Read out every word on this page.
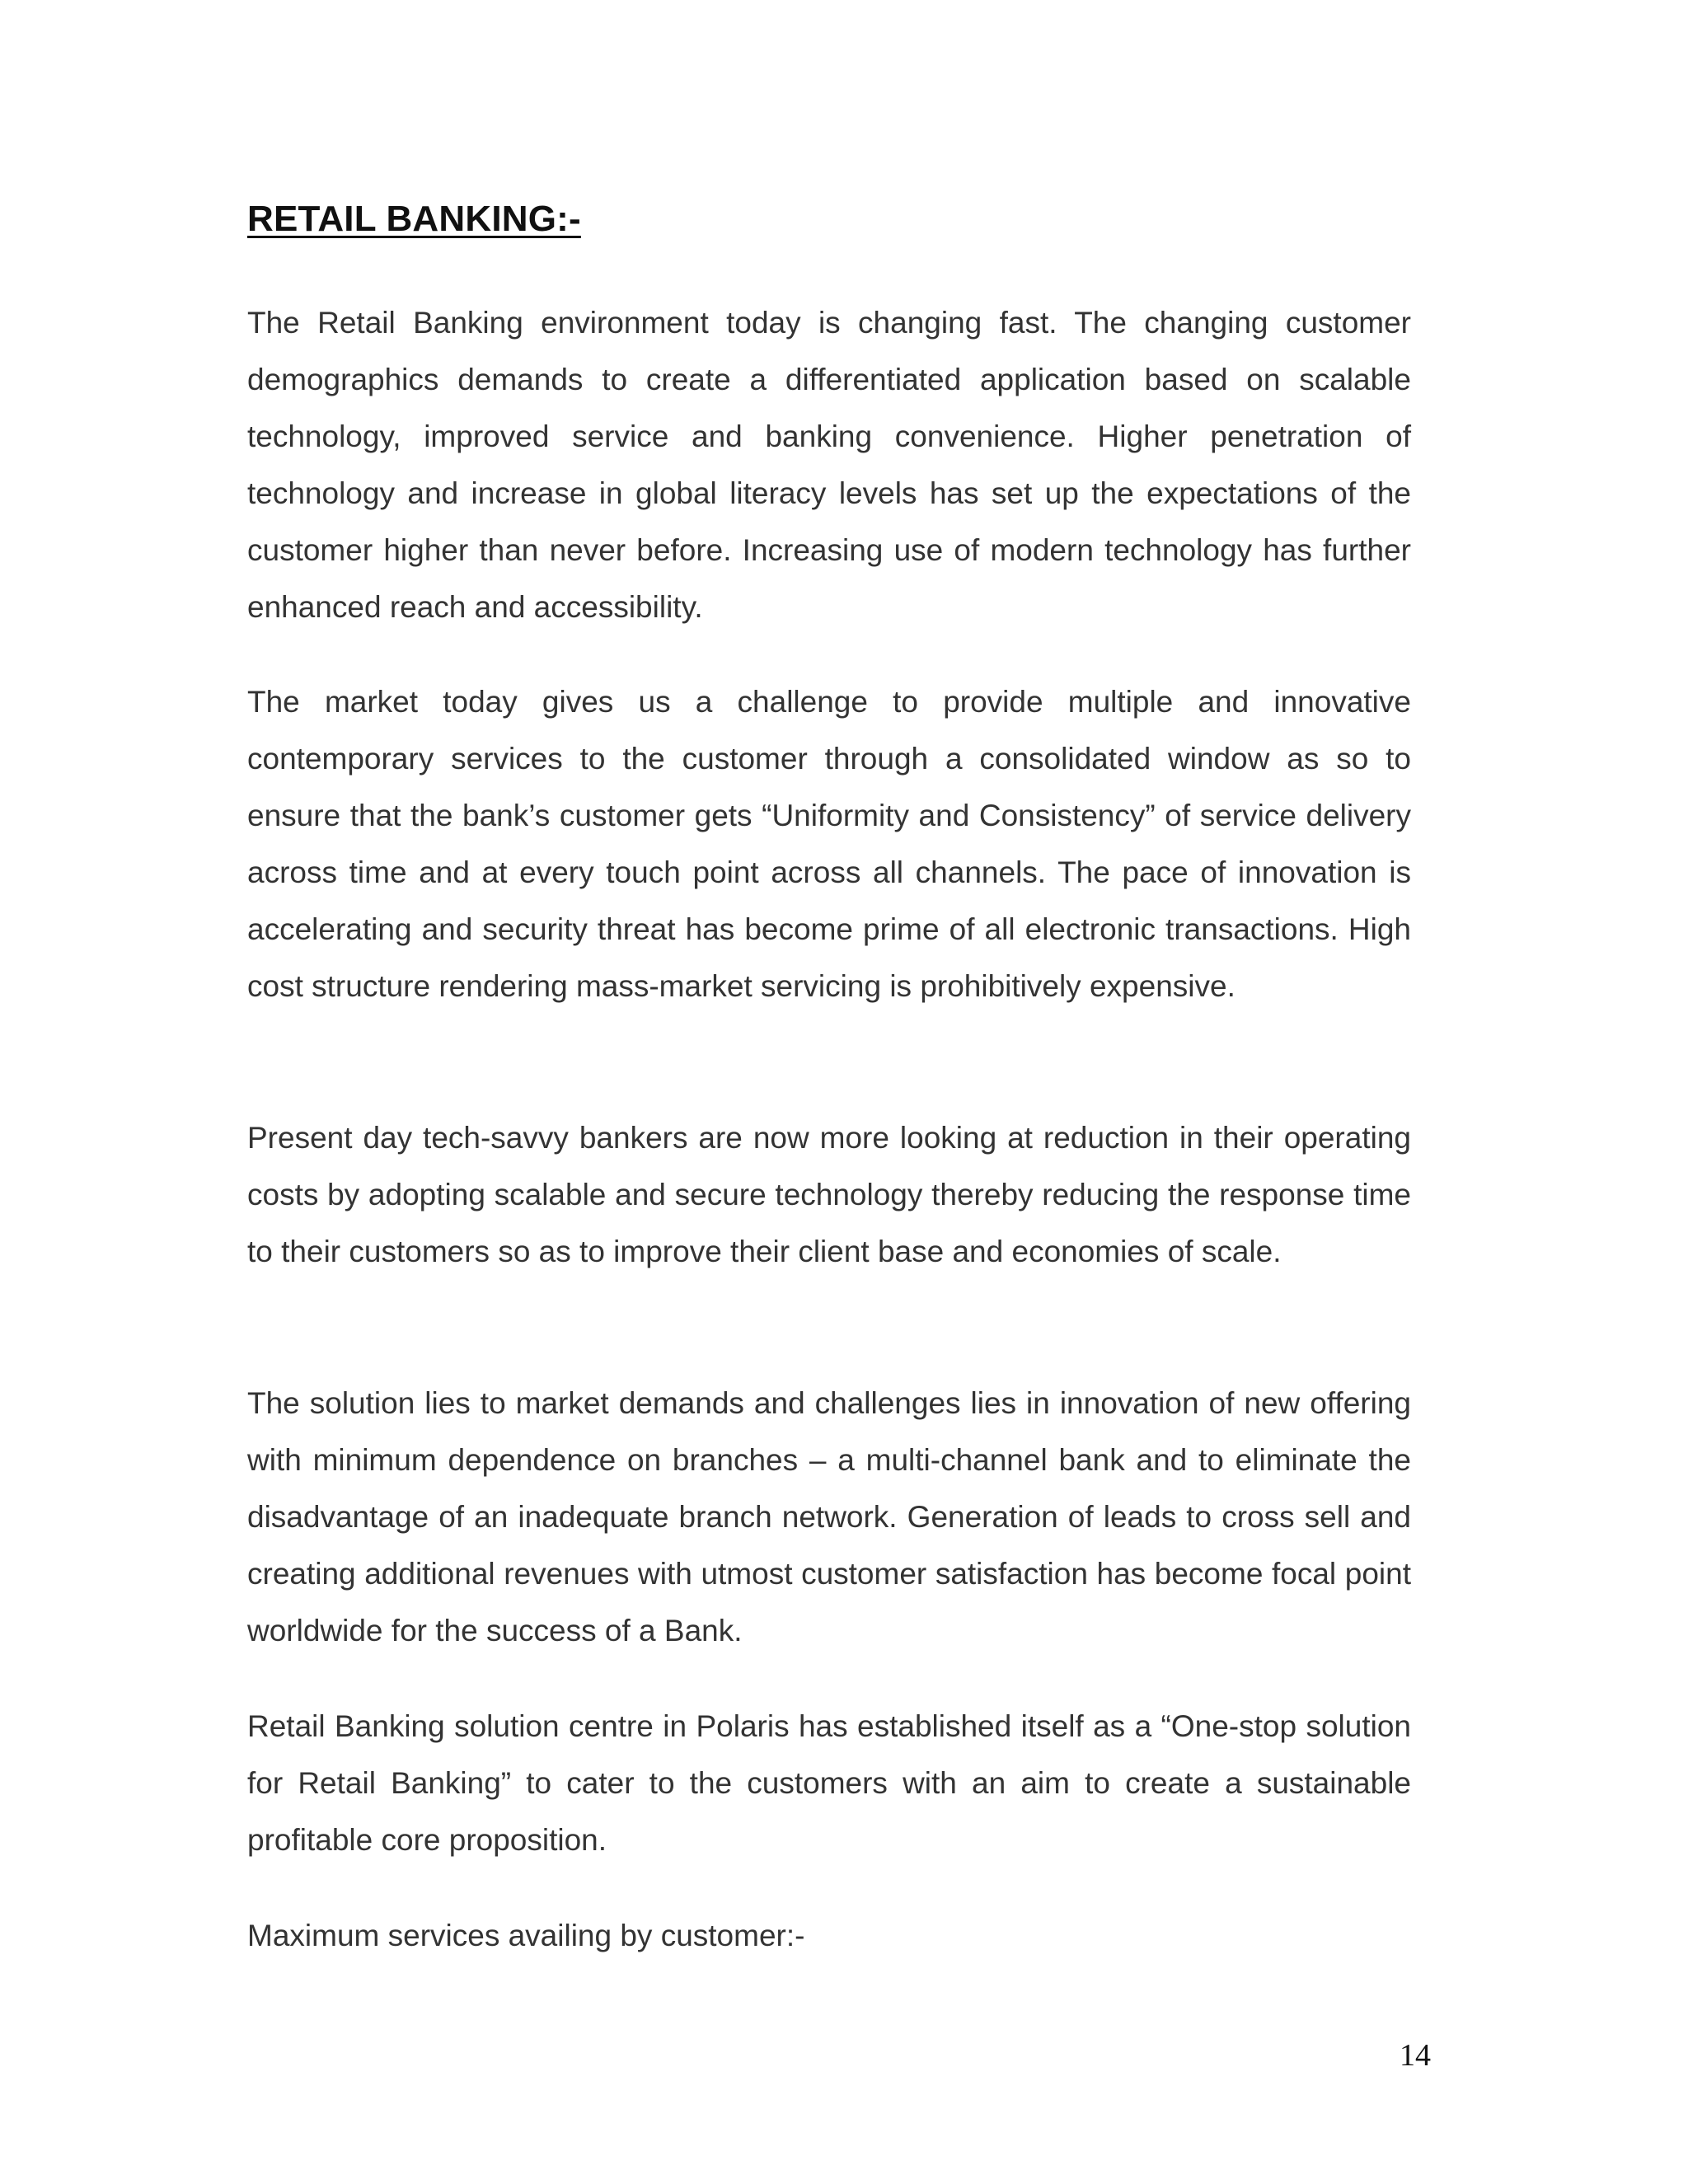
RETAIL BANKING:-

The Retail Banking environment today is changing fast. The changing customer demographics demands to create a differentiated application based on scalable technology, improved service and banking convenience. Higher penetration of technology and increase in global literacy levels has set up the expectations of the customer higher than never before. Increasing use of modern technology has further enhanced reach and accessibility.

The market today gives us a challenge to provide multiple and innovative contemporary services to the customer through a consolidated window as so to ensure that the bank’s customer gets “Uniformity and Consistency” of service delivery across time and at every touch point across all channels. The pace of innovation is accelerating and security threat has become prime of all electronic transactions. High cost structure rendering mass-market servicing is prohibitively expensive.

Present day tech-savvy bankers are now more looking at reduction in their operating costs by adopting scalable and secure technology thereby reducing the response time to their customers so as to improve their client base and economies of scale.

The solution lies to market demands and challenges lies in innovation of new offering with minimum dependence on branches – a multi-channel bank and to eliminate the disadvantage of an inadequate branch network. Generation of leads to cross sell and creating additional revenues with utmost customer satisfaction has become focal point worldwide for the success of a Bank.

Retail Banking solution centre in Polaris has established itself as a “One-stop solution for Retail Banking” to cater to the customers with an aim to create a sustainable profitable core proposition.

Maximum services availing by customer:-

14
